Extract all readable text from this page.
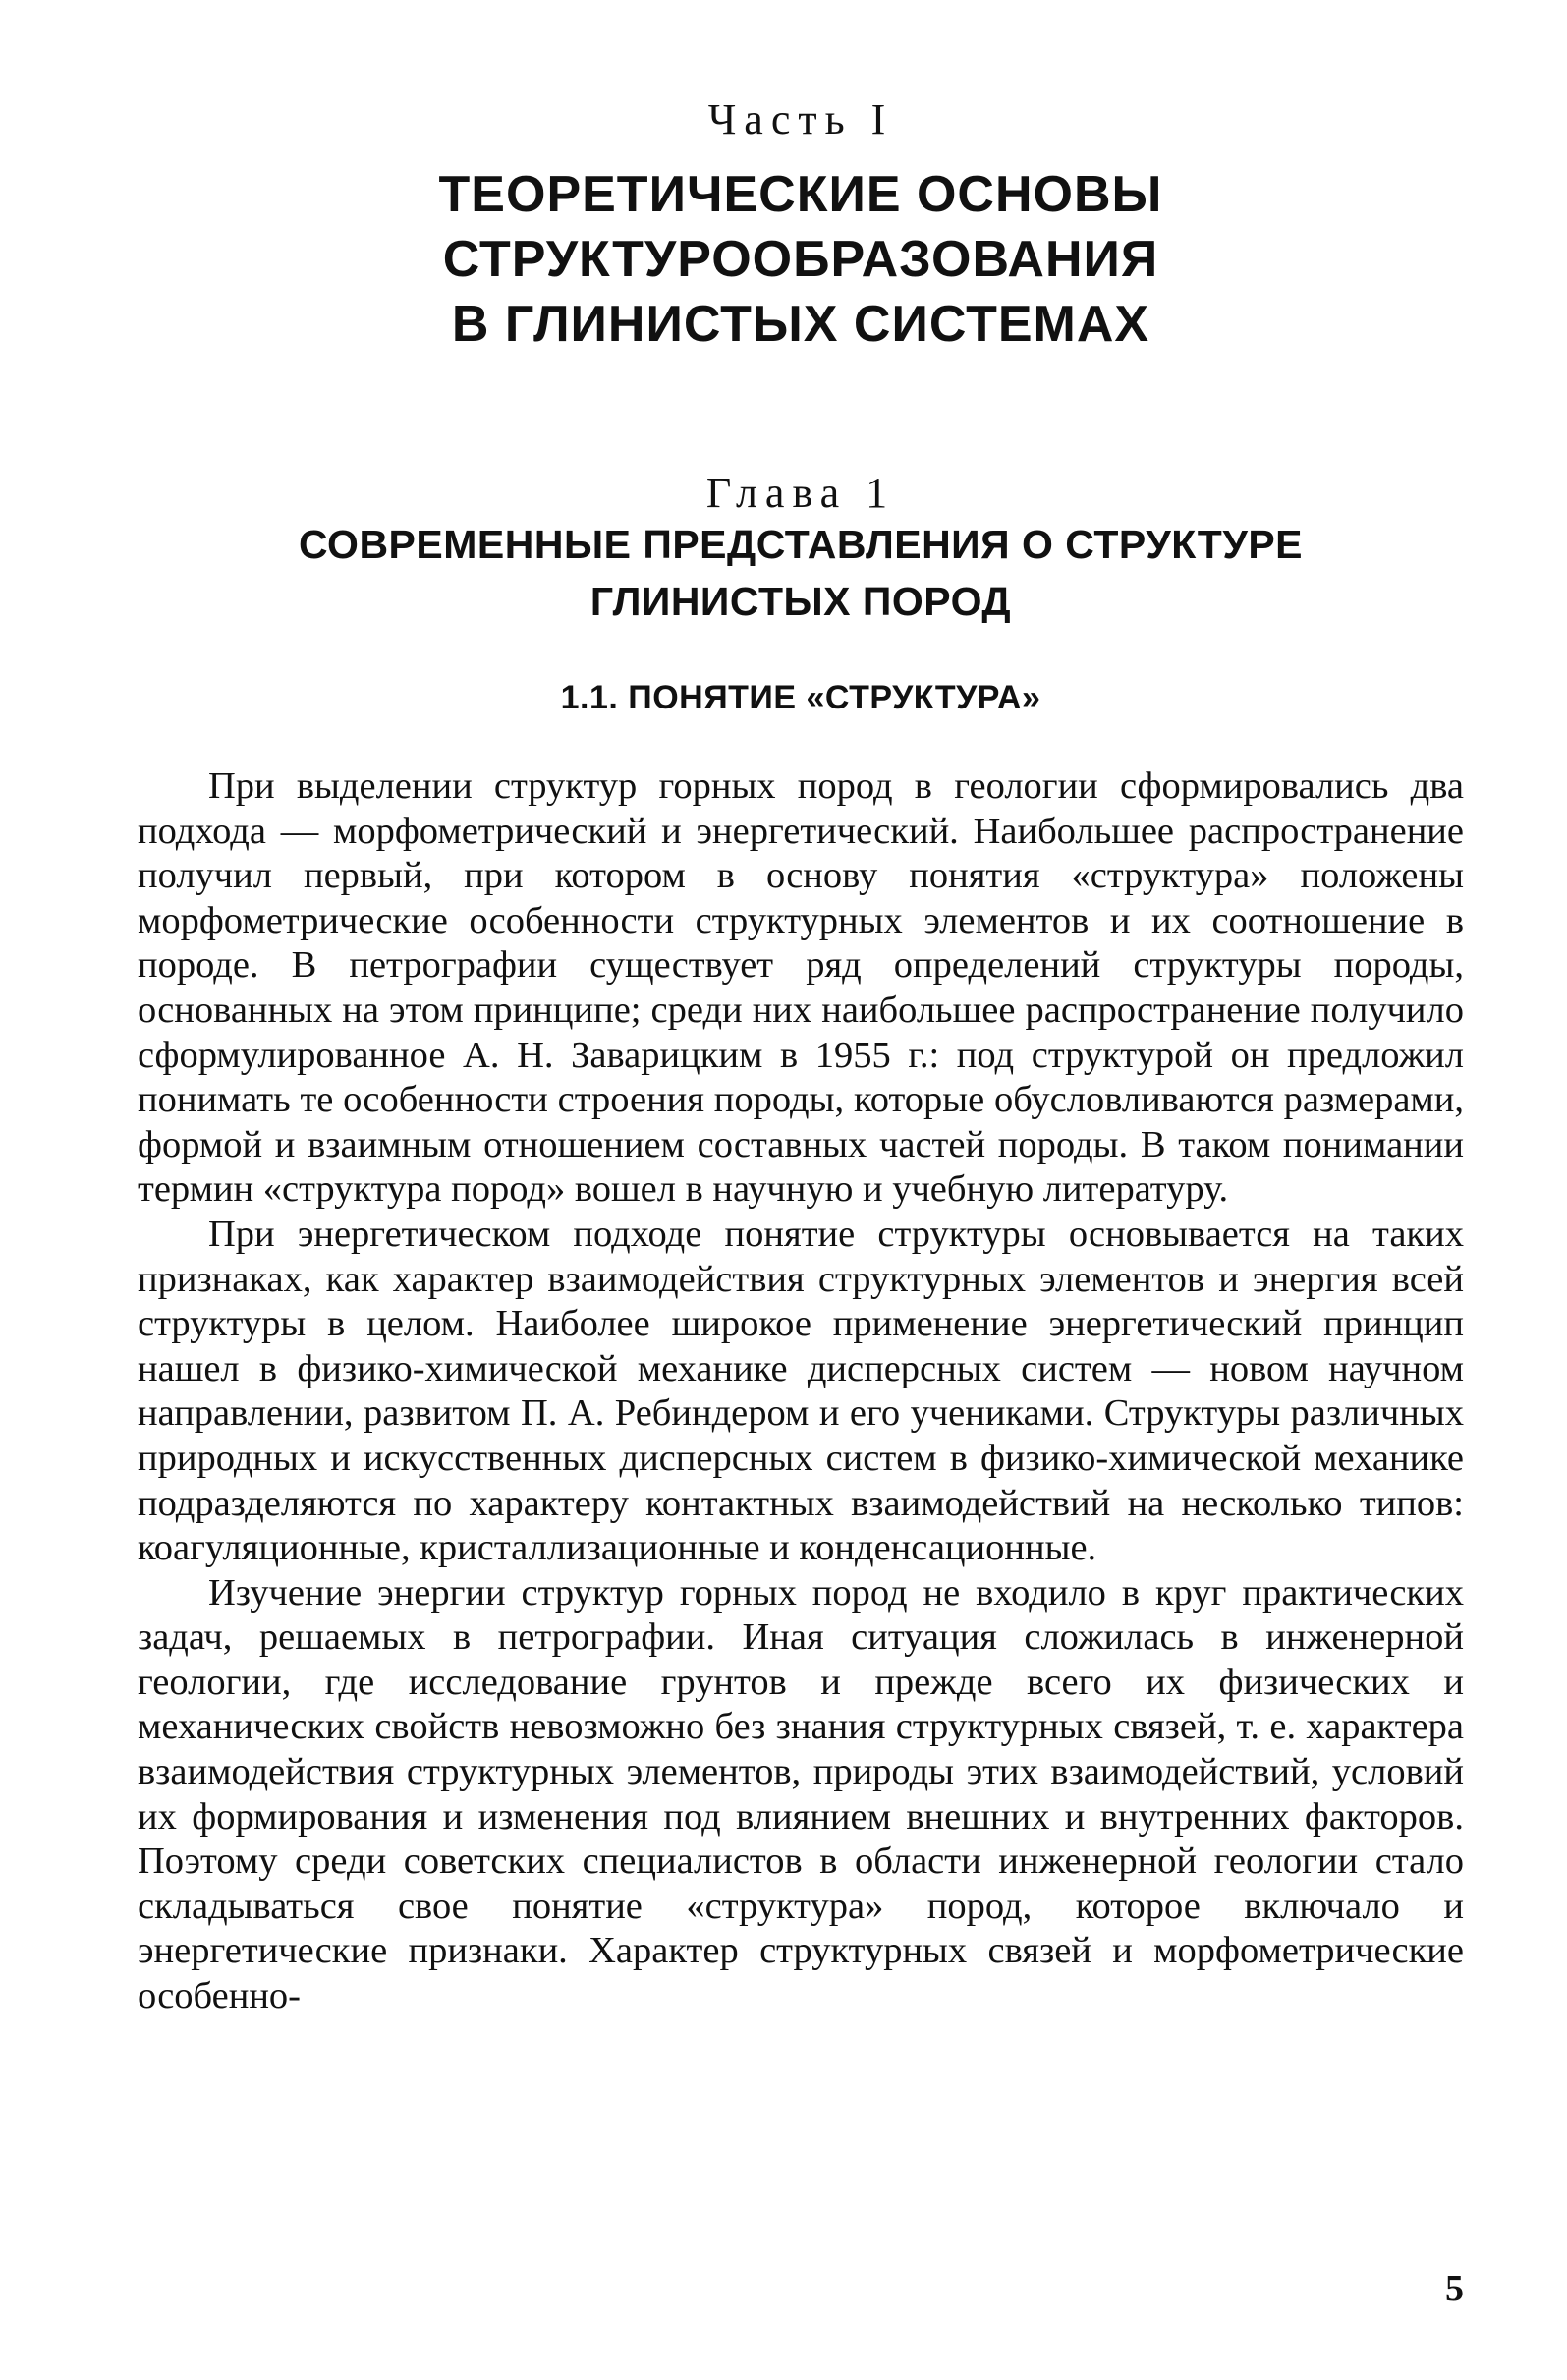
Часть I
ТЕОРЕТИЧЕСКИЕ ОСНОВЫ
СТРУКТУРООБРАЗОВАНИЯ
В ГЛИНИСТЫХ СИСТЕМАХ
Глава 1
СОВРЕМЕННЫЕ ПРЕДСТАВЛЕНИЯ О СТРУКТУРЕ
ГЛИНИСТЫХ ПОРОД
1.1. ПОНЯТИЕ «СТРУКТУРА»

При выделении структур горных пород в геологии сформировались два подхода — морфометрический и энергетический. Наибольшее распространение получил первый, при котором в основу понятия «структура» положены морфометрические особенности структурных элементов и их соотношение в породе. В петрографии существует ряд определений структуры породы, основанных на этом принципе; среди них наибольшее распространение получило сформулированное А. Н. Заварицким в 1955 г.: под структурой он предложил понимать те особенности строения породы, которые обусловливаются размерами, формой и взаимным отношением составных частей породы. В таком понимании термин «структура пород» вошел в научную и учебную литературу.

При энергетическом подходе понятие структуры основывается на таких признаках, как характер взаимодействия структурных элементов и энергия всей структуры в целом. Наиболее широкое применение энергетический принцип нашел в физико-химической механике дисперсных систем — новом научном направлении, развитом П. А. Ребиндером и его учениками. Структуры различных природных и искусственных дисперсных систем в физико-химической механике подразделяются по характеру контактных взаимодействий на несколько типов: коагуляционные, кристаллизационные и конденсационные.

Изучение энергии структур горных пород не входило в круг практических задач, решаемых в петрографии. Иная ситуация сложилась в инженерной геологии, где исследование грунтов и прежде всего их физических и механических свойств невозможно без знания структурных связей, т. е. характера взаимодействия структурных элементов, природы этих взаимодействий, условий их формирования и изменения под влиянием внешних и внутренних факторов. Поэтому среди советских специалистов в области инженерной геологии стало складываться свое понятие «структура» пород, которое включало и энергетические признаки. Характер структурных связей и морфометрические особенно-

5
